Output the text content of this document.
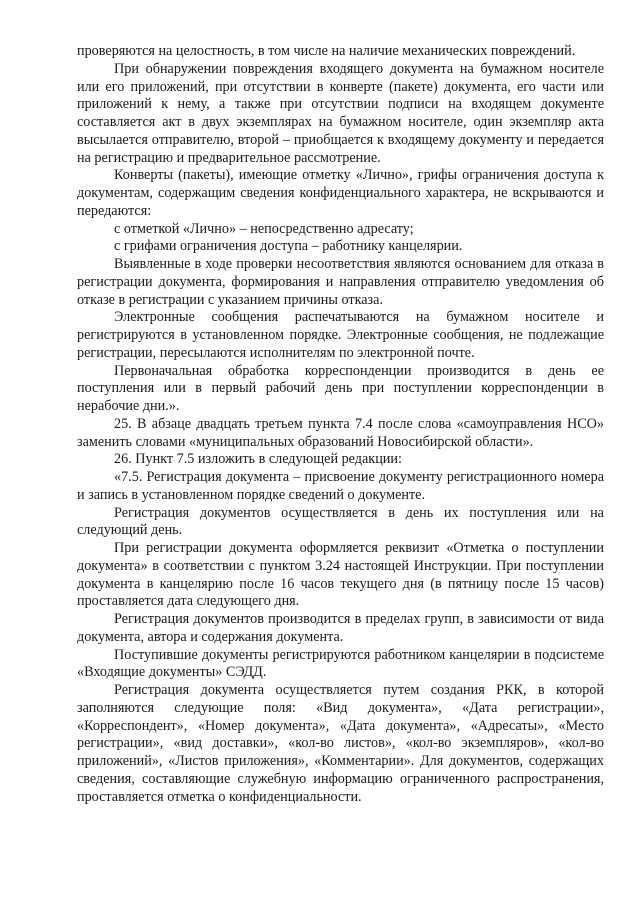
проверяются на целостность, в том числе на наличие механических повреждений.

При обнаружении повреждения входящего документа на бумажном носителе или его приложений, при отсутствии в конверте (пакете) документа, его части или приложений к нему, а также при отсутствии подписи на входящем документе составляется акт в двух экземплярах на бумажном носителе, один экземпляр акта высылается отправителю, второй – приобщается к входящему документу и передается на регистрацию и предварительное рассмотрение.

Конверты (пакеты), имеющие отметку «Лично», грифы ограничения доступа к документам, содержащим сведения конфиденциального характера, не вскрываются и передаются:

с отметкой «Лично» – непосредственно адресату;

с грифами ограничения доступа – работнику канцелярии.

Выявленные в ходе проверки несоответствия являются основанием для отказа в регистрации документа, формирования и направления отправителю уведомления об отказе в регистрации с указанием причины отказа.

Электронные сообщения распечатываются на бумажном носителе и регистрируются в установленном порядке. Электронные сообщения, не подлежащие регистрации, пересылаются исполнителям по электронной почте.

Первоначальная обработка корреспонденции производится в день ее поступления или в первый рабочий день при поступлении корреспонденции в нерабочие дни.».

25. В абзаце двадцать третьем пункта 7.4 после слова «самоуправления НСО» заменить словами «муниципальных образований Новосибирской области».

26. Пункт 7.5 изложить в следующей редакции:

«7.5. Регистрация документа – присвоение документу регистрационного номера и запись в установленном порядке сведений о документе.

Регистрация документов осуществляется в день их поступления или на следующий день.

При регистрации документа оформляется реквизит «Отметка о поступлении документа» в соответствии с пунктом 3.24 настоящей Инструкции. При поступлении документа в канцелярию после 16 часов текущего дня (в пятницу после 15 часов) проставляется дата следующего дня.

Регистрация документов производится в пределах групп, в зависимости от вида документа, автора и содержания документа.

Поступившие документы регистрируются работником канцелярии в подсистеме «Входящие документы» СЭДД.

Регистрация документа осуществляется путем создания РКК, в которой заполняются следующие поля: «Вид документа», «Дата регистрации», «Корреспондент», «Номер документа», «Дата документа», «Адресаты», «Место регистрации», «вид доставки», «кол-во листов», «кол-во экземпляров», «кол-во приложений», «Листов приложения», «Комментарии». Для документов, содержащих сведения, составляющие служебную информацию ограниченного распространения, проставляется отметка о конфиденциальности.
